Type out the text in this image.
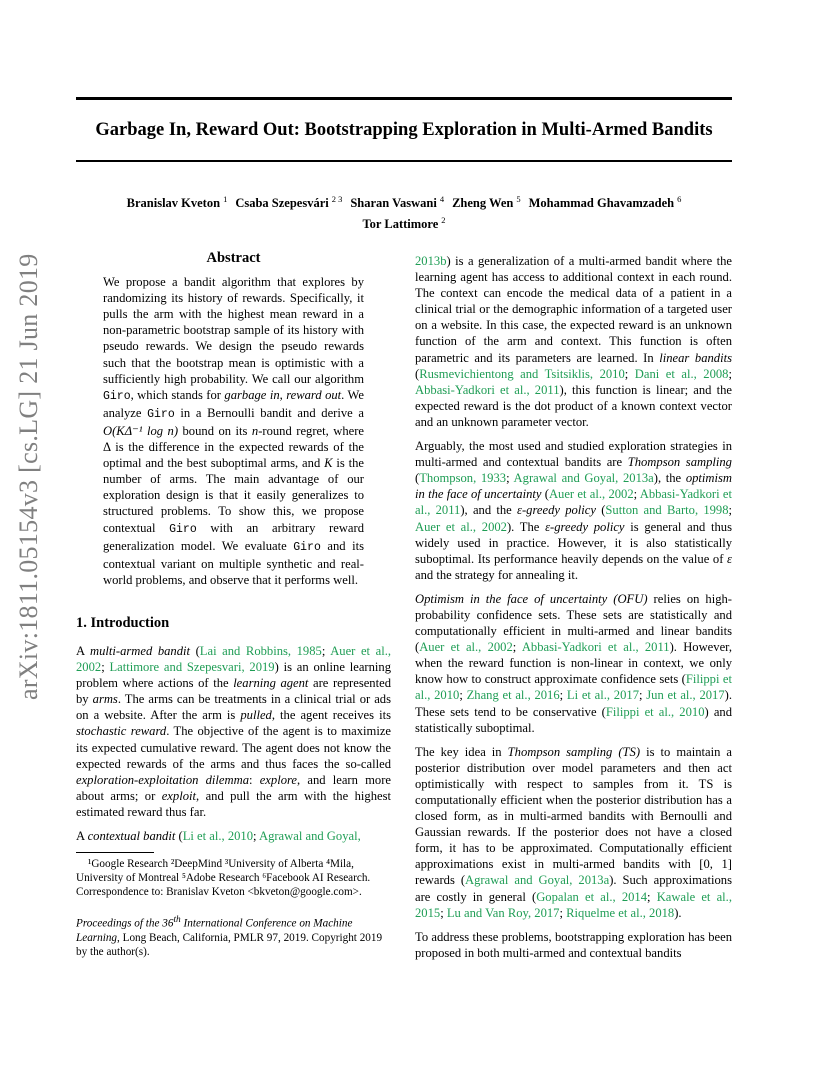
Garbage In, Reward Out: Bootstrapping Exploration in Multi-Armed Bandits
Branislav Kveton $^1$ Csaba Szepesvári $^{2 3}$ Sharan Vaswani $^4$ Zheng Wen $^5$ Mohammad Ghavamzadeh $^6$
Tor Lattimore $^2$
arXiv:1811.05154v3 [cs.LG] 21 Jun 2019	Abstract
We propose a bandit algorithm that explores by randomizing its history of rewards. Specifically, it pulls the arm with the highest mean reward in a non-parametric bootstrap sample of its history with pseudo rewards. We design the pseudo rewards such that the bootstrap mean is optimistic with a sufficiently high probability. We call our algorithm Giro, which stands for garbage in, reward out. We analyze Giro in a Bernoulli bandit and derive a O(KΔ⁻¹ log n) bound on its n-round regret, where Δ is the difference in the expected rewards of the optimal and the best suboptimal arms, and K is the number of arms. The main advantage of our exploration design is that it easily generalizes to structured problems. To show this, we propose contextual Giro with an arbitrary reward generalization model. We evaluate Giro and its contextual variant on multiple synthetic and real-world problems, and observe that it performs well.
1. Introduction

A multi-armed bandit (Lai and Robbins, 1985; Auer et al., 2002; Lattimore and Szepesvari, 2019) is an online learning problem where actions of the learning agent are represented by arms. The arms can be treatments in a clinical trial or ads on a website. After the arm is pulled, the agent receives its stochastic reward. The objective of the agent is to maximize its expected cumulative reward. The agent does not know the expected rewards of the arms and thus faces the so-called exploration-exploitation dilemma: explore, and learn more about arms; or exploit, and pull the arm with the highest estimated reward thus far.

A contextual bandit (Li et al., 2010; Agrawal and Goyal,

¹Google Research ²DeepMind ³University of Alberta ⁴Mila, University of Montreal ⁵Adobe Research ⁶Facebook AI Research. Correspondence to: Branislav Kveton <bkveton@google.com>.

Proceedings of the 36th International Conference on Machine Learning, Long Beach, California, PMLR 97, 2019. Copyright 2019 by the author(s).

2013b) is a generalization of a multi-armed bandit where the learning agent has access to additional context in each round. The context can encode the medical data of a patient in a clinical trial or the demographic information of a targeted user on a website. In this case, the expected reward is an unknown function of the arm and context. This function is often parametric and its parameters are learned. In linear bandits (Rusmevichientong and Tsitsiklis, 2010; Dani et al., 2008; Abbasi-Yadkori et al., 2011), this function is linear; and the expected reward is the dot product of a known context vector and an unknown parameter vector.

Arguably, the most used and studied exploration strategies in multi-armed and contextual bandits are Thompson sampling (Thompson, 1933; Agrawal and Goyal, 2013a), the optimism in the face of uncertainty (Auer et al., 2002; Abbasi-Yadkori et al., 2011), and the ε-greedy policy (Sutton and Barto, 1998; Auer et al., 2002). The ε-greedy policy is general and thus widely used in practice. However, it is also statistically suboptimal. Its performance heavily depends on the value of ε and the strategy for annealing it.

Optimism in the face of uncertainty (OFU) relies on high-probability confidence sets. These sets are statistically and computationally efficient in multi-armed and linear bandits (Auer et al., 2002; Abbasi-Yadkori et al., 2011). However, when the reward function is non-linear in context, we only know how to construct approximate confidence sets (Filippi et al., 2010; Zhang et al., 2016; Li et al., 2017; Jun et al., 2017). These sets tend to be conservative (Filippi et al., 2010) and statistically suboptimal.

The key idea in Thompson sampling (TS) is to maintain a posterior distribution over model parameters and then act optimistically with respect to samples from it. TS is computationally efficient when the posterior distribution has a closed form, as in multi-armed bandits with Bernoulli and Gaussian rewards. If the posterior does not have a closed form, it has to be approximated. Computationally efficient approximations exist in multi-armed bandits with [0, 1] rewards (Agrawal and Goyal, 2013a). Such approximations are costly in general (Gopalan et al., 2014; Kawale et al., 2015; Lu and Van Roy, 2017; Riquelme et al., 2018).

To address these problems, bootstrapping exploration has been proposed in both multi-armed and contextual bandits
